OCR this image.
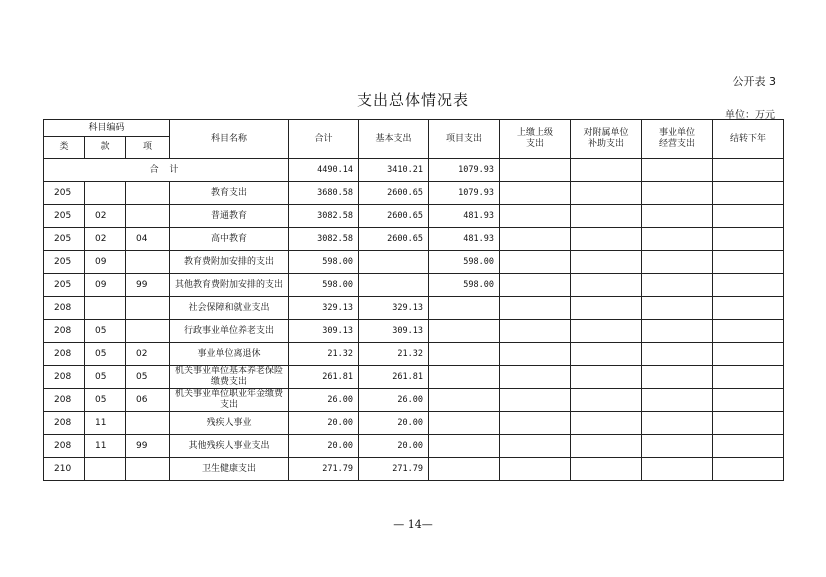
公开表 3
支出总体情况表
单位：万元
科目编码			科目名称	合计	基本支出	项目支出	上缴上级支出	对附属单位补助支出	事业单位经营支出	结转下年
类	款	项								
合 计				4490.14	3410.21	1079.93				
205			教育支出	3680.58	2600.65	1079.93				
205	02		普通教育	3082.58	2600.65	481.93				
205	02	04	高中教育	3082.58	2600.65	481.93				
205	09		教育费附加安排的支出	598.00		598.00				
205	09	99	其他教育费附加安排的支出	598.00		598.00				
208			社会保障和就业支出	329.13	329.13					
208	05		行政事业单位养老支出	309.13	309.13					
208	05	02	事业单位离退休	21.32	21.32					
208	05	05	机关事业单位基本养老保险缴费支出	261.81	261.81					
208	05	06	机关事业单位职业年金缴费支出	26.00	26.00					
208	11		残疾人事业	20.00	20.00					
208	11	99	其他残疾人事业支出	20.00	20.00					
210			卫生健康支出	271.79	271.79					
— 14—
